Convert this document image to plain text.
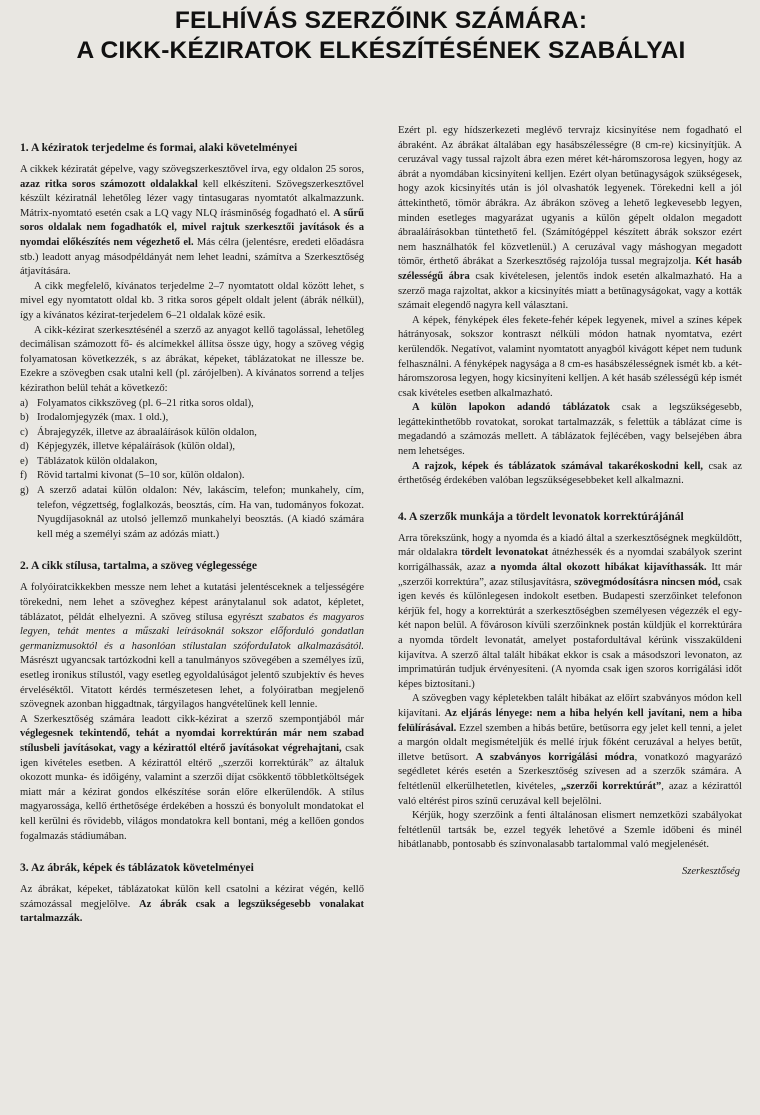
FELHÍVÁS SZERZŐINK SZÁMÁRA:
A CIKK-KÉZIRATOK ELKÉSZÍTÉSÉNEK SZABÁLYAI
1. A kéziratok terjedelme és formai, alaki követelményei

A cikkek kéziratát gépelve, vagy szövegszerkesztővel írva, egy oldalon 25 soros, azaz ritka soros számozott oldalakkal kell elkészíteni. Szövegszerkesztővel készült kéziratnál lehetőleg lézer vagy tintasugaras nyomtatót alkalmazzunk. Mátrix-nyomtató esetén csak a LQ vagy NLQ írásminőség fogadható el. A sűrű soros oldalak nem fogadhatók el, mivel rajtuk szerkesztői javítások és a nyomdai előkészítés nem végezhető el. Más célra (jelentésre, eredeti előadásra stb.) leadott anyag másodpéldányát nem lehet leadni, számítva a Szerkesztőség átjavítására.

A cikk megfelelő, kívánatos terjedelme 2–7 nyomtatott oldal között lehet, s mivel egy nyomtatott oldal kb. 3 ritka soros gépelt oldalt jelent (ábrák nélkül), így a kívánatos kézirat-terjedelem 6–21 oldalak közé esik.

A cikk-kézirat szerkesztésénél a szerző az anyagot kellő tagolással, lehetőleg decimálisan számozott fő- és alcímekkel állítsa össze úgy, hogy a szöveg végig folyamatosan következzék, s az ábrákat, képeket, táblázatokat ne illessze be. Ezekre a szövegben csak utalni kell (pl. zárójelben). A kívánatos sorrend a teljes kézirathon belül tehát a következő:

a) Folyamatos cikkszöveg (pl. 6–21 ritka soros oldal),
b) Irodalomjegyzék (max. 1 old.),
c) Ábrajegyzék, illetve az ábraaláírások külön oldalon,
d) Képjegyzék, illetve képaláírások (külön oldal),
e) Táblázatok külön oldalakon,
f) Rövid tartalmi kivonat (5–10 sor, külön oldalon).
g) A szerző adatai külön oldalon: Név, lakáscím, telefon; munkahely, cím, telefon, végzettség, foglalkozás, beosztás, cím. Ha van, tudományos fokozat. Nyugdíjasoknál az utolsó jellemző munkahelyi beosztás. (A kiadó számára kell még a személyi szám az adózás miatt.)
2. A cikk stílusa, tartalma, a szöveg véglegessége

A folyóiratcikkekben messze nem lehet a kutatási jelentésceknek a teljességére törekedni, nem lehet a szöveghez képest aránytalanul sok adatot, képletet, táblázatot, példát elhelyezni. A szöveg stílusa egyrészt szabatos és magyaros legyen, tehát mentes a műszaki leírásoknál sokszor előforduló gondatlan germanizmusoktól és a hasonlóan stílustalan szóforduIatok alkalmazásától. Másrészt ugyancsak tartózkodni kell a tanulmányos szövegében a személyes ízű, esetleg ironikus stílustól, vagy esetleg egyoldalúságot jelentő szubjektív és heves érveléséktől. Vitatott kérdés természetesen lehet, a folyóiratban megjelenő szövegnek azonban higgadtnak, tárgyilagos hangvételűnek kell lennie.

A Szerkesztőség számára leadott cikk-kézirat a szerző szempontjából már véglegesnek tekintendő, tehát a nyomdai korrektúrán már nem szabad stílusbeli javításokat, vagy a kézirattól eltérő javításokat végrehajtani, csak igen kivételes esetben. A kézirattól eltérő „szerzői korrektúrák” az általuk okozott munka- és időigény, valamint a szerzői díjat csökkentő többletköltségek miatt már a kézirat gondos elkészítése során előre elkerülendők. A stílus magyarossága, kellő érthetősége érdekében a hosszú és bonyolult mondatokat el kell kerülni és rövidebb, világos mondatokra kell bontani, még a kellően gondos fogalmazás stádiumában.

3. Az ábrák, képek és táblázatok követelményei

Az ábrákat, képeket, táblázatokat külön kell csatolni a kézirat végén, kellő számozással megjelölve. Az ábrák csak a legszükségesebb vonalakat tartalmazzák.

Ezért pl. egy hídszerkezeti meglévő tervrajz kicsinyítése nem fogadható el ábraként. Az ábrákat általában egy hasábszélességre (8 cm-re) kicsinyítjük. A ceruzával vagy tussal rajzolt ábra ezen méret két-háromszorosa legyen, hogy az ábrát a nyomdában kicsinyíteni kelljen. Ezért olyan betűnagyságok szükségesek, hogy azok kicsinyítés után is jól olvashatók legyenek. Törekedni kell a jól áttekinthető, tömör ábrákra. Az ábrákon szöveg a lehető legkevesebb legyen, minden esetleges magyarázat ugyanis a külön gépelt oldalon megadott ábraaláírásokban tüntethető fel. (Számítógéppel készített ábrák sokszor ezért nem használhatók fel közvetlenül.) A ceruzával vagy máshogyan megadott tömör, érthető ábrákat a Szerkesztőség rajzolója tussal megrajzolja. Két hasáb szélességű ábra csak kivételesen, jelentős indok esetén alkalmazható. Ha a szerző maga rajzoltat, akkor a kicsinyítés miatt a betűnagyságokat, vagy a kották számait elegendő nagyra kell választani.

A képek, fényképek éles fekete-fehér képek legyenek, mivel a színes képek hátrányosak, sokszor kontraszt nélküli módon hatnak nyomtatva, ezért kerülendők. Negatívot, valamint nyomtatott anyagból kivágott képet nem tudunk felhasználni. A fényképek nagysága a 8 cm-es hasábszélességnek ismét kb. a két-háromszorosa legyen, hogy kicsinyíteni kelljen. A két hasáb szélességű kép ismét csak kivételes esetben alkalmazható.

A külön lapokon adandó táblázatok csak a legszükségesebb, legáttekinthetőbb rovatokat, sorokat tartalmazzák, s felettük a táblázat címe is megadandó a számozás mellett. A táblázatok fejlécében, vagy belsejében ábra nem lehetséges.

A rajzok, képek és táblázatok számával takarékoskodni kell, csak az érthetőség érdekében valóban legszükségesebbeket kell alkalmazni.

4. A szerzők munkája a tördelt levonatok korrektúrájánál

Arra törekszünk, hogy a nyomda és a kiadó által a szerkesztőségnek megküldött, már oldalakra tördelt levonatokat átnézhessék és a nyomdai szabályok szerint korrigálhassák, azaz a nyomda által okozott hibákat kijavíthassák. Itt már „szerzői korrektúra”, azaz stílusjavításra, szövegmódosításra nincsen mód, csak igen kevés és különlegesen indokolt esetben. Budapesti szerzőinket telefonon kérjük fel, hogy a korrektúrát a szerkesztőségben személyesen végezzék el egy-két napon belül. A fővároson kívüli szerzőinknek postán küldjük el korrektúrára a nyomda tördelt levonatát, amelyet postafordultával kérünk visszaküldeni kijavítva. A szerző által talált hibákat ekkor is csak a másodszori levonaton, az imprimatúrán tudjuk érvényesíteni. (A nyomda csak igen szoros korrigálási időt képes biztosítani.)

A szövegben vagy képletekben talált hibákat az előírt szabványos módon kell kijavítani. Az eljárás lényege: nem a hiba helyén kell javítani, nem a hiba felülírásával. Ezzel szemben a hibás betűre, betűsorra egy jelet kell tenni, a jelet a margón oldalt megismételjük és mellé írjuk főként ceruzával a helyes betűt, illetve betűsort. A szabványos korrigálási módra, vonatkozó magyarázó segédletet kérés esetén a Szerkesztőség szívesen ad a szerzők számára. A feltétlenül elkerülhetetlen, kivételes, „szerzői korrektúrát”, azaz a kézirattól való eltérést piros színű ceruzával kell bejelölni.

Kérjük, hogy szerzőink a fenti általánosan elismert nemzetközi szabályokat feltétlenül tartsák be, ezzel tegyék lehetővé a Szemle időbeni és minél hibátlanabb, pontosabb és színvonalasabb tartalommal való megjelenését.

Szerkesztőség
